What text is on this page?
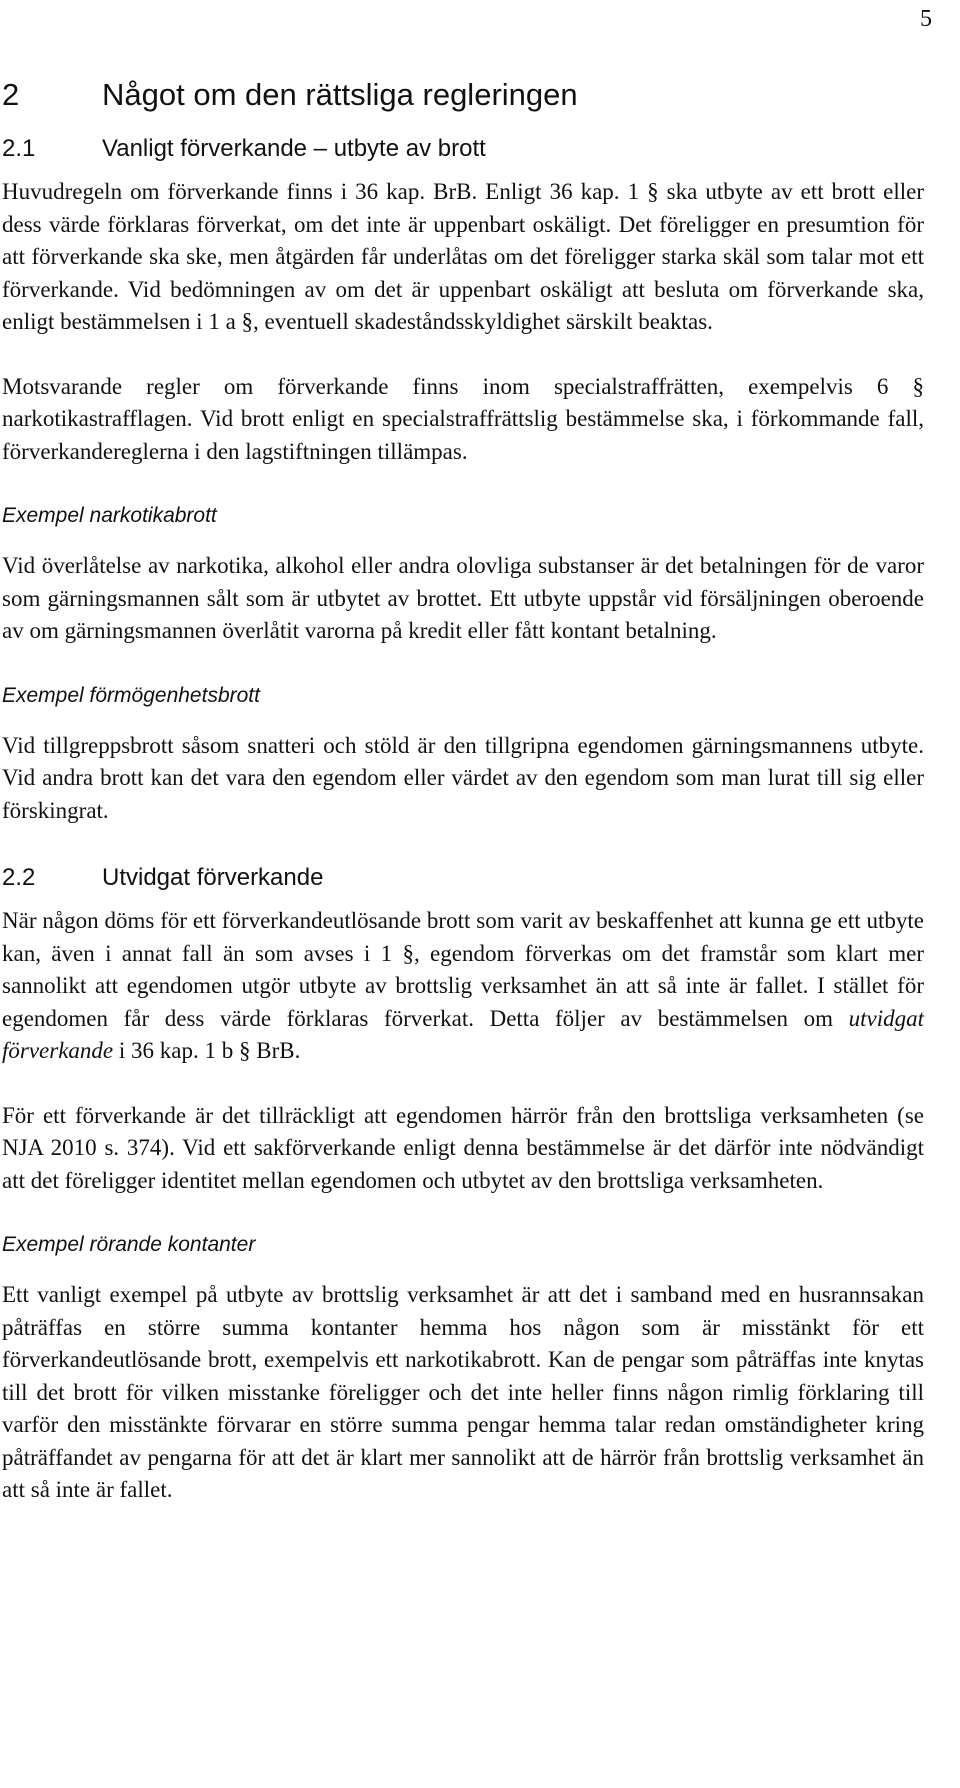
5
2	Något om den rättsliga regleringen
2.1	Vanligt förverkande – utbyte av brott

Huvudregeln om förverkande finns i 36 kap. BrB. Enligt 36 kap. 1 § ska utbyte av ett brott eller dess värde förklaras förverkat, om det inte är uppenbart oskäligt. Det föreligger en presumtion för att förverkande ska ske, men åtgärden får underlåtas om det föreligger starka skäl som talar mot ett förverkande. Vid bedömningen av om det är uppenbart oskäligt att besluta om förverkande ska, enligt bestämmelsen i 1 a §, eventuell skadeståndsskyldighet särskilt beaktas.

Motsvarande regler om förverkande finns inom specialstraffrätten, exempelvis 6 § narkotikastrafflagen. Vid brott enligt en specialstraffrättslig bestämmelse ska, i förkommande fall, förverkandereglerna i den lagstiftningen tillämpas.

Exempel narkotikabrott

Vid överlåtelse av narkotika, alkohol eller andra olovliga substanser är det betalningen för de varor som gärningsmannen sålt som är utbytet av brottet. Ett utbyte uppstår vid försäljningen oberoende av om gärningsmannen överlåtit varorna på kredit eller fått kontant betalning.

Exempel förmögenhetsbrott

Vid tillgreppsbrott såsom snatteri och stöld är den tillgripna egendomen gärningsmannens utbyte. Vid andra brott kan det vara den egendom eller värdet av den egendom som man lurat till sig eller förskingrat.

2.2	Utvidgat förverkande

När någon döms för ett förverkandeutlösande brott som varit av beskaffenhet att kunna ge ett utbyte kan, även i annat fall än som avses i 1 §, egendom förverkas om det framstår som klart mer sannolikt att egendomen utgör utbyte av brottslig verksamhet än att så inte är fallet. I stället för egendomen får dess värde förklaras förverkat. Detta följer av bestämmelsen om utvidgat förverkande i 36 kap. 1 b § BrB.

För ett förverkande är det tillräckligt att egendomen härrör från den brottsliga verksamheten (se NJA 2010 s. 374). Vid ett sakförverkande enligt denna bestämmelse är det därför inte nödvändigt att det föreligger identitet mellan egendomen och utbytet av den brottsliga verksamheten.

Exempel rörande kontanter

Ett vanligt exempel på utbyte av brottslig verksamhet är att det i samband med en husrannsakan påträffas en större summa kontanter hemma hos någon som är misstänkt för ett förverkandeutlösande brott, exempelvis ett narkotikabrott. Kan de pengar som påträffas inte knytas till det brott för vilken misstanke föreligger och det inte heller finns någon rimlig förklaring till varför den misstänkte förvarar en större summa pengar hemma talar redan omständigheter kring påträffandet av pengarna för att det är klart mer sannolikt att de härrör från brottslig verksamhet än att så inte är fallet.
